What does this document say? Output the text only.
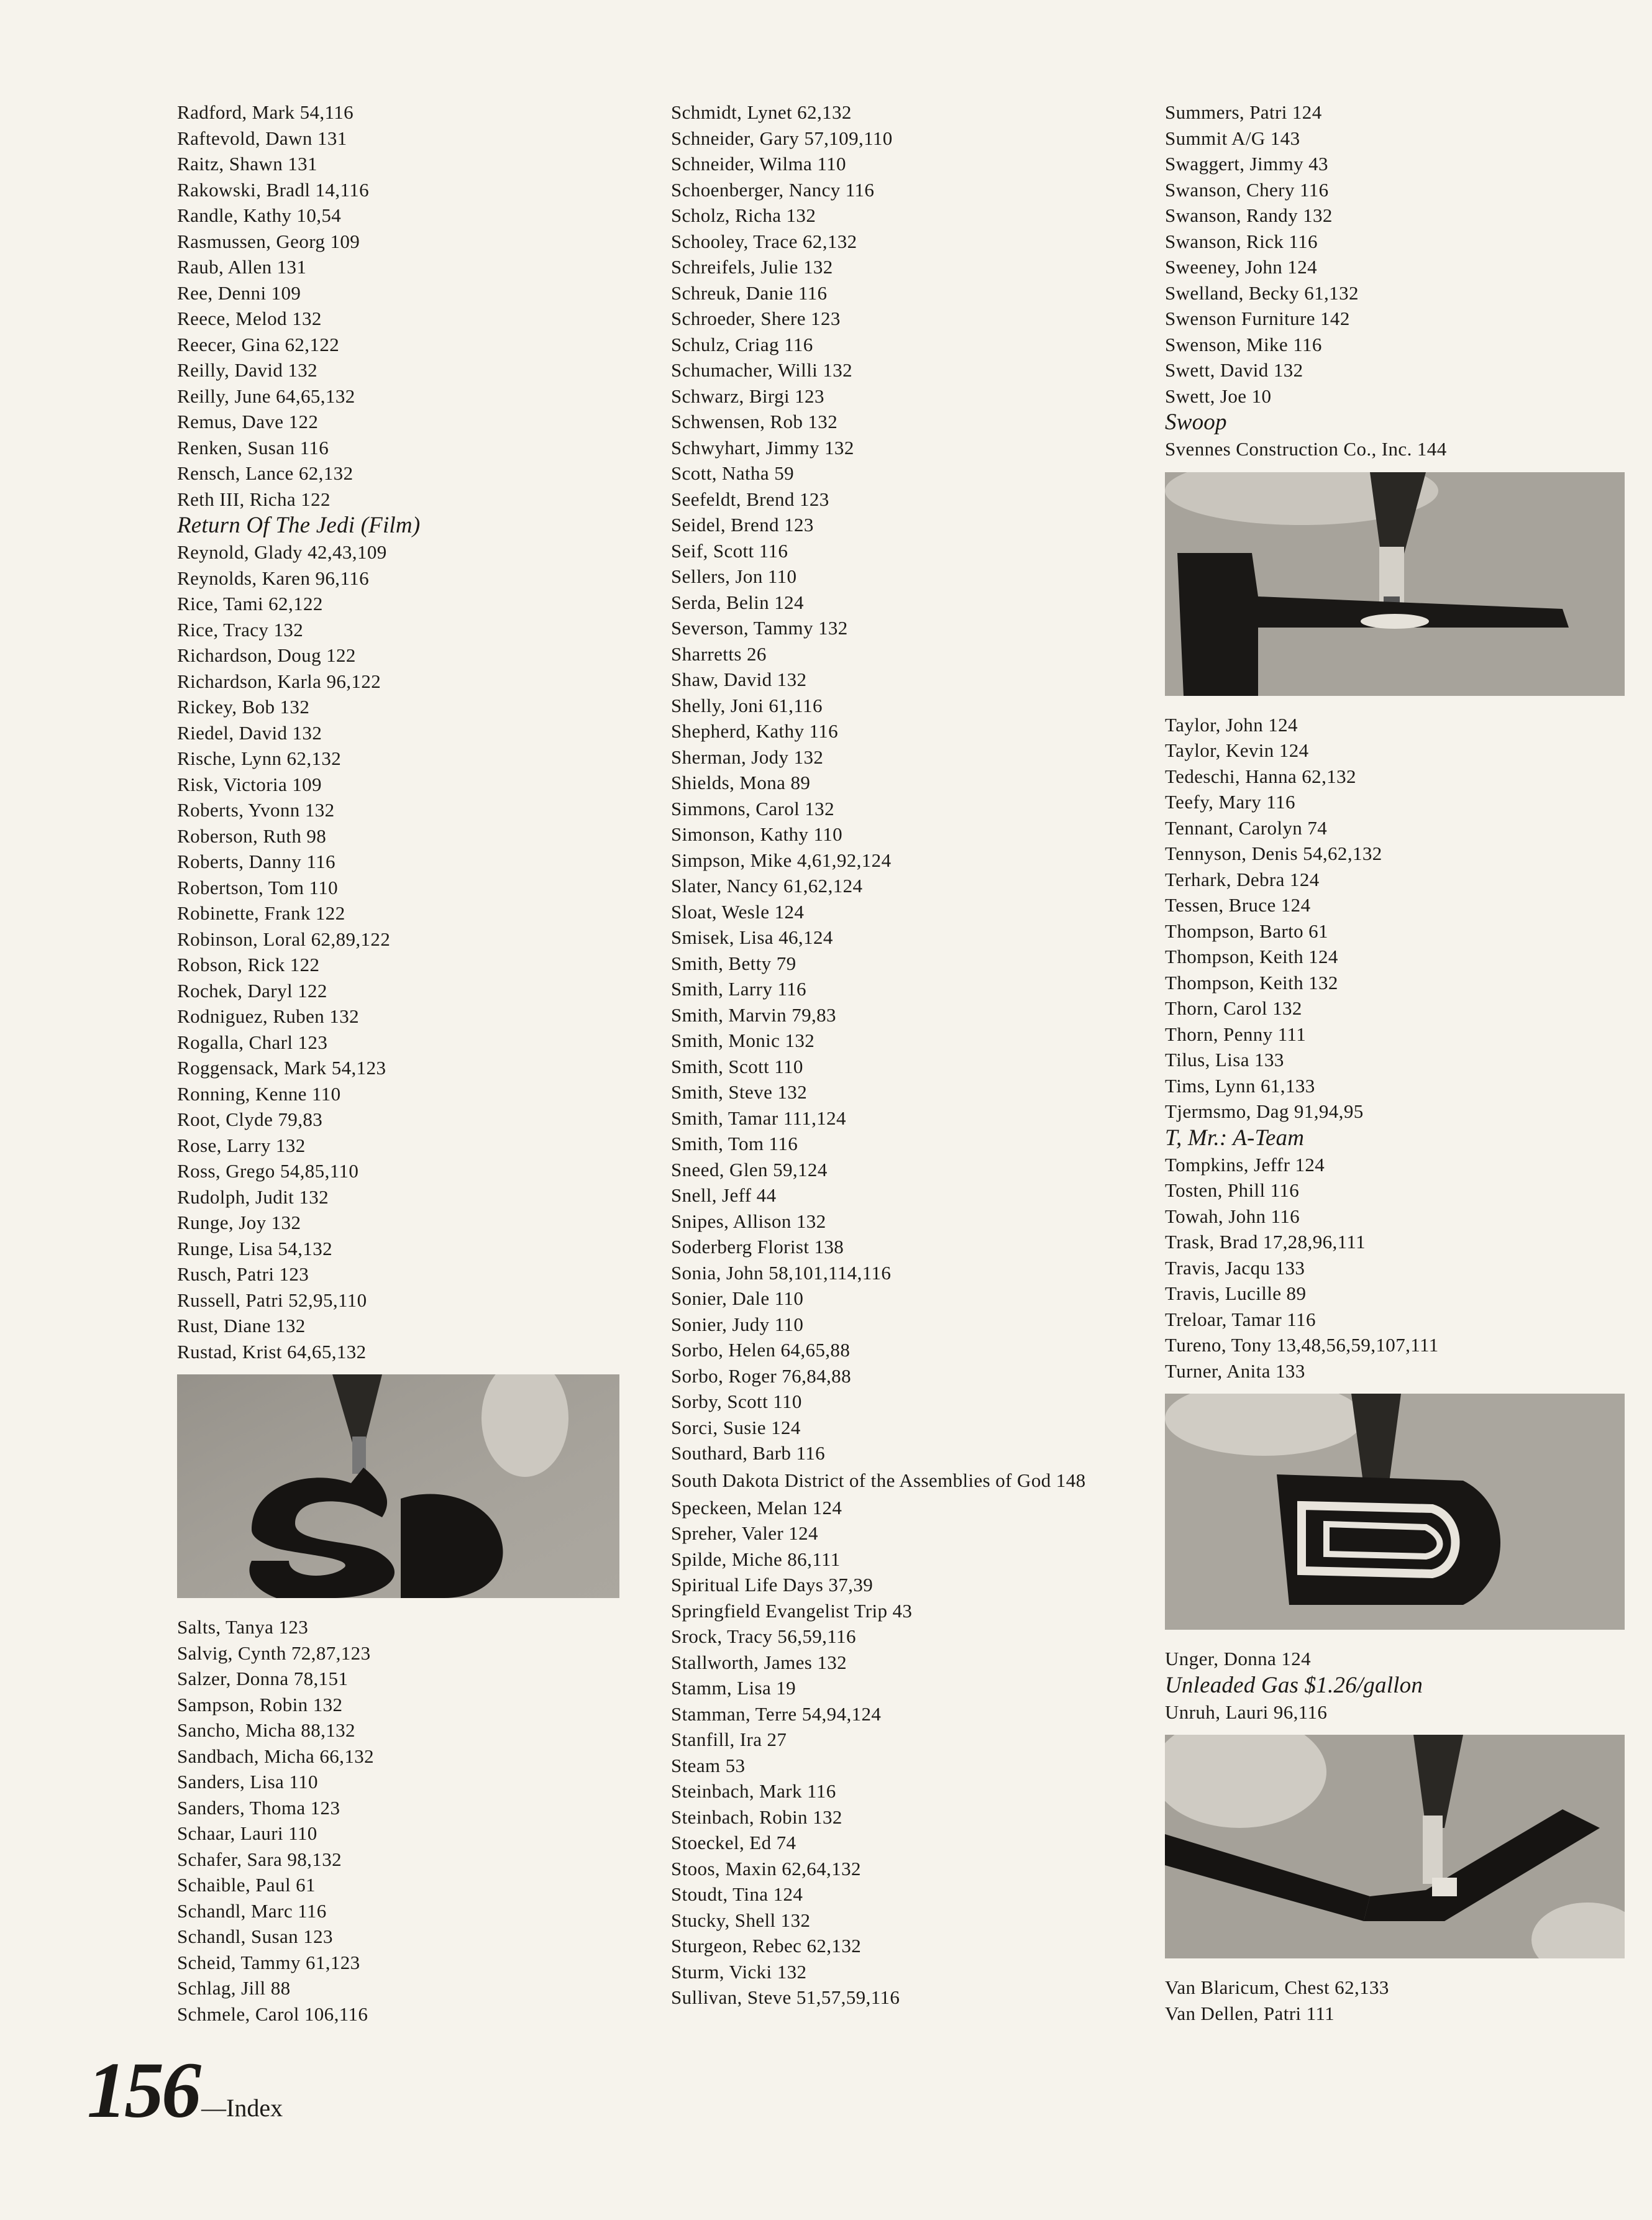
Radford, Mark 54,116
Raftevold, Dawn 131
Raitz, Shawn 131
Rakowski, Bradl 14,116
Randle, Kathy 10,54
Rasmussen, Georg 109
Raub, Allen 131
Ree, Denni 109
Reece, Melod 132
Reecer, Gina 62,122
Reilly, David 132
Reilly, June 64,65,132
Remus, Dave 122
Renken, Susan 116
Rensch, Lance 62,132
Reth III, Richa 122
Return Of The Jedi (Film)
Reynold, Glady 42,43,109
Reynolds, Karen 96,116
Rice, Tami 62,122
Rice, Tracy 132
Richardson, Doug 122
Richardson, Karla 96,122
Rickey, Bob 132
Riedel, David 132
Rische, Lynn 62,132
Risk, Victoria 109
Roberts, Yvonn 132
Roberson, Ruth 98
Roberts, Danny 116
Robertson, Tom 110
Robinette, Frank 122
Robinson, Loral 62,89,122
Robson, Rick 122
Rochek, Daryl 122
Rodniguez, Ruben 132
Rogalla, Charl 123
Roggensack, Mark 54,123
Ronning, Kenne 110
Root, Clyde 79,83
Rose, Larry 132
Ross, Grego 54,85,110
Rudolph, Judit 132
Runge, Joy 132
Runge, Lisa 54,132
Rusch, Patri 123
Russell, Patri 52,95,110
Rust, Diane 132
Rustad, Krist 64,65,132
Salts, Tanya 123
Salvig, Cynth 72,87,123
Salzer, Donna 78,151
Sampson, Robin 132
Sancho, Micha 88,132
Sandbach, Micha 66,132
Sanders, Lisa 110
Sanders, Thoma 123
Schaar, Lauri 110
Schafer, Sara 98,132
Schaible, Paul 61
Schandl, Marc 116
Schandl, Susan 123
Scheid, Tammy 61,123
Schlag, Jill 88
Schmele, Carol 106,116
Schmidt, Lynet 62,132
Schneider, Gary 57,109,110
Schneider, Wilma 110
Schoenberger, Nancy 116
Scholz, Richa 132
Schooley, Trace 62,132
Schreifels, Julie 132
Schreuk, Danie 116
Schroeder, Shere 123
Schulz, Criag 116
Schumacher, Willi 132
Schwarz, Birgi 123
Schwensen, Rob 132
Schwyhart, Jimmy 132
Scott, Natha 59
Seefeldt, Brend 123
Seidel, Brend 123
Seif, Scott 116
Sellers, Jon 110
Serda, Belin 124
Severson, Tammy 132
Sharretts 26
Shaw, David 132
Shelly, Joni 61,116
Shepherd, Kathy 116
Sherman, Jody 132
Shields, Mona 89
Simmons, Carol 132
Simonson, Kathy 110
Simpson, Mike 4,61,92,124
Slater, Nancy 61,62,124
Sloat, Wesle 124
Smisek, Lisa 46,124
Smith, Betty 79
Smith, Larry 116
Smith, Marvin 79,83
Smith, Monic 132
Smith, Scott 110
Smith, Steve 132
Smith, Tamar 111,124
Smith, Tom 116
Sneed, Glen 59,124
Snell, Jeff 44
Snipes, Allison 132
Soderberg Florist 138
Sonia, John 58,101,114,116
Sonier, Dale 110
Sonier, Judy 110
Sorbo, Helen 64,65,88
Sorbo, Roger 76,84,88
Sorby, Scott 110
Sorci, Susie 124
Southard, Barb 116
South Dakota District of the Assemblies of God 148
Speckeen, Melan 124
Spreher, Valer 124
Spilde, Miche 86,111
Spiritual Life Days 37,39
Springfield Evangelist Trip 43
Srock, Tracy 56,59,116
Stallworth, James 132
Stamm, Lisa 19
Stamman, Terre 54,94,124
Stanfill, Ira 27
Steam 53
Steinbach, Mark 116
Steinbach, Robin 132
Stoeckel, Ed 74
Stoos, Maxin 62,64,132
Stoudt, Tina 124
Stucky, Shell 132
Sturgeon, Rebec 62,132
Sturm, Vicki 132
Sullivan, Steve 51,57,59,116
Summers, Patri 124
Summit A/G 143
Swaggert, Jimmy 43
Swanson, Chery 116
Swanson, Randy 132
Swanson, Rick 116
Sweeney, John 124
Swelland, Becky 61,132
Swenson Furniture 142
Swenson, Mike 116
Swett, David 132
Swett, Joe 10
Swoop
Svennes Construction Co., Inc. 144
Taylor, John 124
Taylor, Kevin 124
Tedeschi, Hanna 62,132
Teefy, Mary 116
Tennant, Carolyn 74
Tennyson, Denis 54,62,132
Terhark, Debra 124
Tessen, Bruce 124
Thompson, Barto 61
Thompson, Keith 124
Thompson, Keith 132
Thorn, Carol 132
Thorn, Penny 111
Tilus, Lisa 133
Tims, Lynn 61,133
Tjermsmo, Dag 91,94,95
T, Mr.: A-Team
Tompkins, Jeffr 124
Tosten, Phill 116
Towah, John 116
Trask, Brad 17,28,96,111
Travis, Jacqu 133
Travis, Lucille 89
Treloar, Tamar 116
Tureno, Tony 13,48,56,59,107,111
Turner, Anita 133
Unger, Donna 124
Unleaded Gas $1.26/gallon
Unruh, Lauri 96,116
Van Blaricum, Chest 62,133
Van Dellen, Patri 111
156 —Index
